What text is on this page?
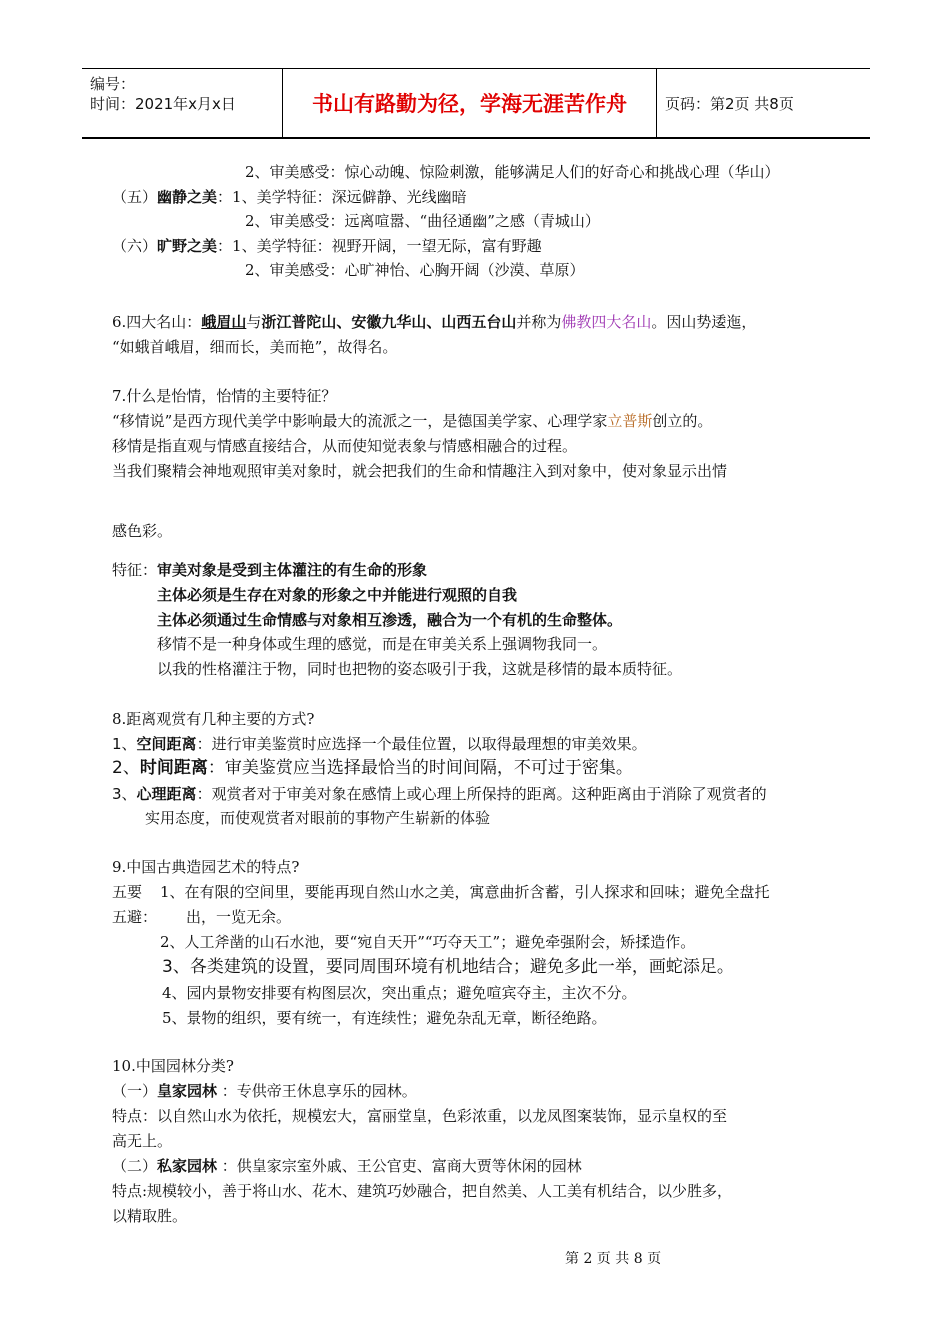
编号：
时间：2021年x月x日	书山有路勤为径，学海无涯苦作舟	页码：第2页 共8页
2、审美感受：惊心动魄、惊险刺激，能够满足人们的好奇心和挑战心理（华山）
（五）幽静之美：1、美学特征：深远僻静、光线幽暗
2、审美感受：远离喧嚣、“曲径通幽”之感（青城山）
（六）旷野之美：1、美学特征：视野开阔，一望无际，富有野趣
2、审美感受：心旷神怡、心胸开阔（沙漠、草原）
6.四大名山：峨眉山与浙江普陀山、安徽九华山、山西五台山并称为佛教四大名山。因山势逶迤，
“如蛾首峨眉，细而长，美而艳”，故得名。
7.什么是怡情，怡情的主要特征？
“移情说”是西方现代美学中影响最大的流派之一，是德国美学家、心理学家立普斯创立的。
移情是指直观与情感直接结合，从而使知觉表象与情感相融合的过程。
当我们聚精会神地观照审美对象时，就会把我们的生命和情趣注入到对象中，使对象显示出情
感色彩。
特征：审美对象是受到主体灌注的有生命的形象
主体必须是生存在对象的形象之中并能进行观照的自我
主体必须通过生命情感与对象相互渗透，融合为一个有机的生命整体。
移情不是一种身体或生理的感觉，而是在审美关系上强调物我同一。
以我的性格灌注于物，同时也把物的姿态吸引于我，这就是移情的最本质特征。
8.距离观赏有几种主要的方式?
1、空间距离：进行审美鉴赏时应选择一个最佳位置，以取得最理想的审美效果。
2、时间距离：审美鉴赏应当选择最恰当的时间间隔，不可过于密集。
3、心理距离：观赏者对于审美对象在感情上或心理上所保持的距离。这种距离由于消除了观赏者的
实用态度，而使观赏者对眼前的事物产生崭新的体验
9.中国古典造园艺术的特点?
五要 1、在有限的空间里，要能再现自然山水之美，寓意曲折含蓄，引人探求和回味；避免全盘托
五避： 出，一览无余。
2、人工斧凿的山石水池，要“宛自天开”“巧夺天工”；避免牵强附会，矫揉造作。
3、各类建筑的设置，要同周围环境有机地结合；避免多此一举，画蛇添足。
4、园内景物安排要有构图层次，突出重点；避免喧宾夺主，主次不分。
5、景物的组织，要有统一，有连续性；避免杂乱无章，断径绝路。
10.中国园林分类?
（一）皇家园林 ：专供帝王休息享乐的园林。
特点：以自然山水为依托，规模宏大，富丽堂皇，色彩浓重，以龙凤图案装饰，显示皇权的至
高无上。
（二）私家园林 ：供皇家宗室外戚、王公官吏、富商大贾等休闲的园林
特点:规模较小，善于将山水、花木、建筑巧妙融合，把自然美、人工美有机结合，以少胜多，
以精取胜。
第 2 页 共 8 页
